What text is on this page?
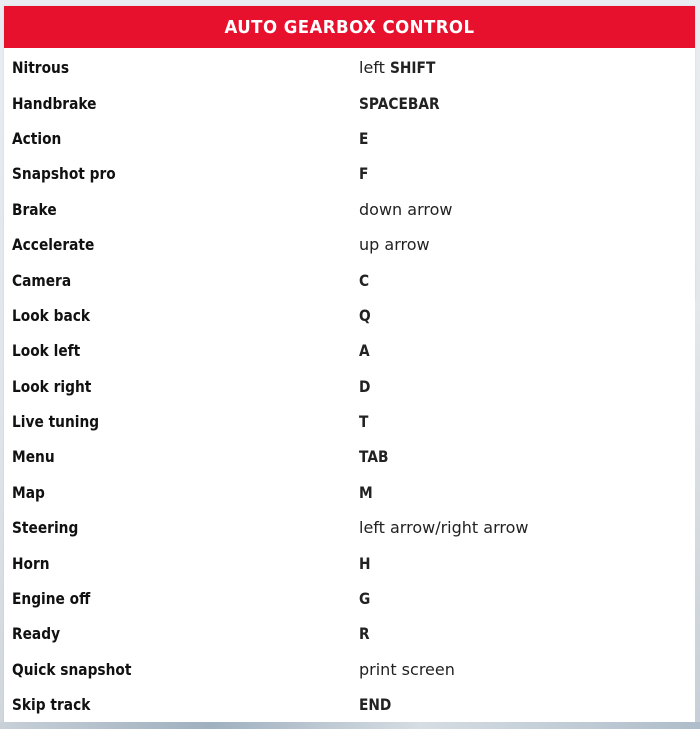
AUTO GEARBOX CONTROL
Nitrous	left SHIFT
Handbrake	SPACEBAR
Action	E
Snapshot pro	F
Brake	down arrow
Accelerate	up arrow
Camera	C
Look back	Q
Look left	A
Look right	D
Live tuning	T
Menu	TAB
Map	M
Steering	left arrow/right arrow
Horn	H
Engine off	G
Ready	R
Quick snapshot	print screen
Skip track	END
